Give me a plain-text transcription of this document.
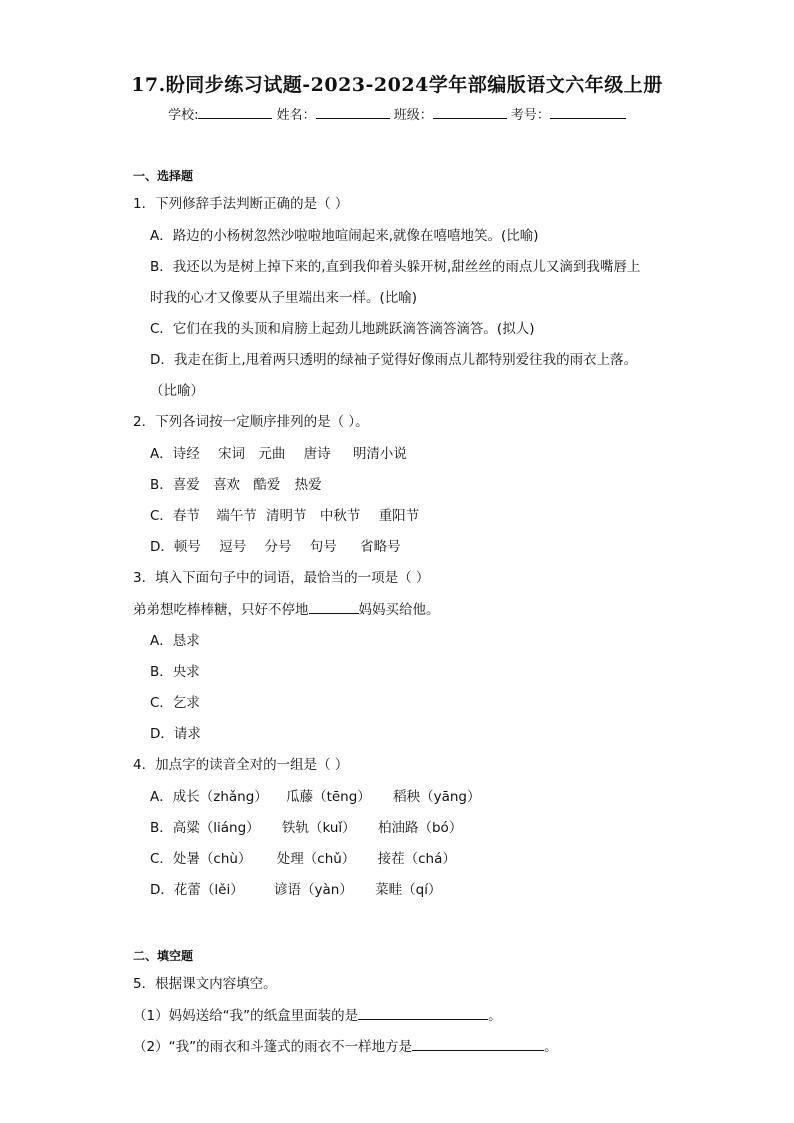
17.盼同步练习试题-2023-2024学年部编版语文六年级上册
学校:	姓名：	班级：	考号：
一、选择题
1．下列修辞手法判断正确的是（ ）
A．路边的小杨树忽然沙啦啦地喧闹起来,就像在嘻嘻地笑。(比喻)
B．我还以为是树上掉下来的,直到我仰着头躲开树,甜丝丝的雨点儿又滴到我嘴唇上
时我的心才又像要从子里端出来一样。(比喻)
C．它们在我的头顶和肩膀上起劲儿地跳跃滴答滴答滴答。(拟人)
D．我走在街上,甩着两只透明的绿袖子觉得好像雨点儿都特别爱往我的雨衣上落。
（比喻）
2．下列各词按一定顺序排列的是（ ）。
A．诗经 宋词 元曲 唐诗 明清小说
B．喜爱 喜欢 酷爱 热爱
C．春节 端午节 清明节 中秋节 重阳节
D．顿号 逗号 分号 句号 省略号
3．填入下面句子中的词语，最恰当的一项是（ ）
弟弟想吃棒棒糖，只好不停地	妈妈买给他。
A．恳求
B．央求
C．乞求
D．请求
4．加点字的读音全对的一组是（ ）
A．成长（zhǎng） 瓜藤（tēng） 稻秧（yāng）
B．高粱（liáng） 铁轨（kuǐ） 柏油路（bó）
C．处暑（chù） 处理（chǔ） 接茬（chá）
D．花蕾（lěi） 谚语（yàn） 菜畦（qí）
二、填空题
5．根据课文内容填空。
（1）妈妈送给“我”的纸盒里面装的是	。
（2）“我”的雨衣和斗篷式的雨衣不一样地方是	。
